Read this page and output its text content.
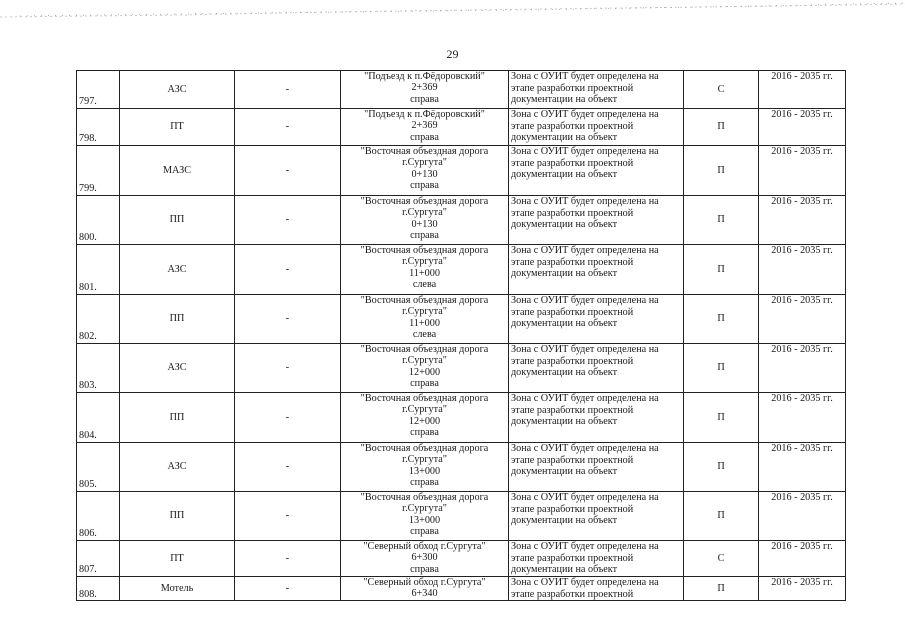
29
797.	АЗС	-	"Подъезд к п.Фёдоровский"
2+369
справа	Зона с ОУИТ будет определена на
этапе разработки проектной
документации на объект	С	2016 - 2035 гг.
798.	ПТ	-	"Подъезд к п.Фёдоровский"
2+369
справа	Зона с ОУИТ будет определена на
этапе разработки проектной
документации на объект	П	2016 - 2035 гг.
799.	МАЗС	-	"Восточная объездная дорога
г.Сургута"
0+130
справа	Зона с ОУИТ будет определена на
этапе разработки проектной
документации на объект	П	2016 - 2035 гг.
800.	ПП	-	"Восточная объездная дорога
г.Сургута"
0+130
справа	Зона с ОУИТ будет определена на
этапе разработки проектной
документации на объект	П	2016 - 2035 гг.
801.	АЗС	-	"Восточная объездная дорога
г.Сургута"
11+000
слева	Зона с ОУИТ будет определена на
этапе разработки проектной
документации на объект	П	2016 - 2035 гг.
802.	ПП	-	"Восточная объездная дорога
г.Сургута"
11+000
слева	Зона с ОУИТ будет определена на
этапе разработки проектной
документации на объект	П	2016 - 2035 гг.
803.	АЗС	-	"Восточная объездная дорога
г.Сургута"
12+000
справа	Зона с ОУИТ будет определена на
этапе разработки проектной
документации на объект	П	2016 - 2035 гг.
804.	ПП	-	"Восточная объездная дорога
г.Сургута"
12+000
справа	Зона с ОУИТ будет определена на
этапе разработки проектной
документации на объект	П	2016 - 2035 гг.
805.	АЗС	-	"Восточная объездная дорога
г.Сургута"
13+000
справа	Зона с ОУИТ будет определена на
этапе разработки проектной
документации на объект	П	2016 - 2035 гг.
806.	ПП	-	"Восточная объездная дорога
г.Сургута"
13+000
справа	Зона с ОУИТ будет определена на
этапе разработки проектной
документации на объект	П	2016 - 2035 гг.
807.	ПТ	-	"Северный обход г.Сургута"
6+300
справа	Зона с ОУИТ будет определена на
этапе разработки проектной
документации на объект	С	2016 - 2035 гг.
808.	Мотель	-	"Северный обход г.Сургута"
6+340	Зона с ОУИТ будет определена на
этапе разработки проектной	П	2016 - 2035 гг.
